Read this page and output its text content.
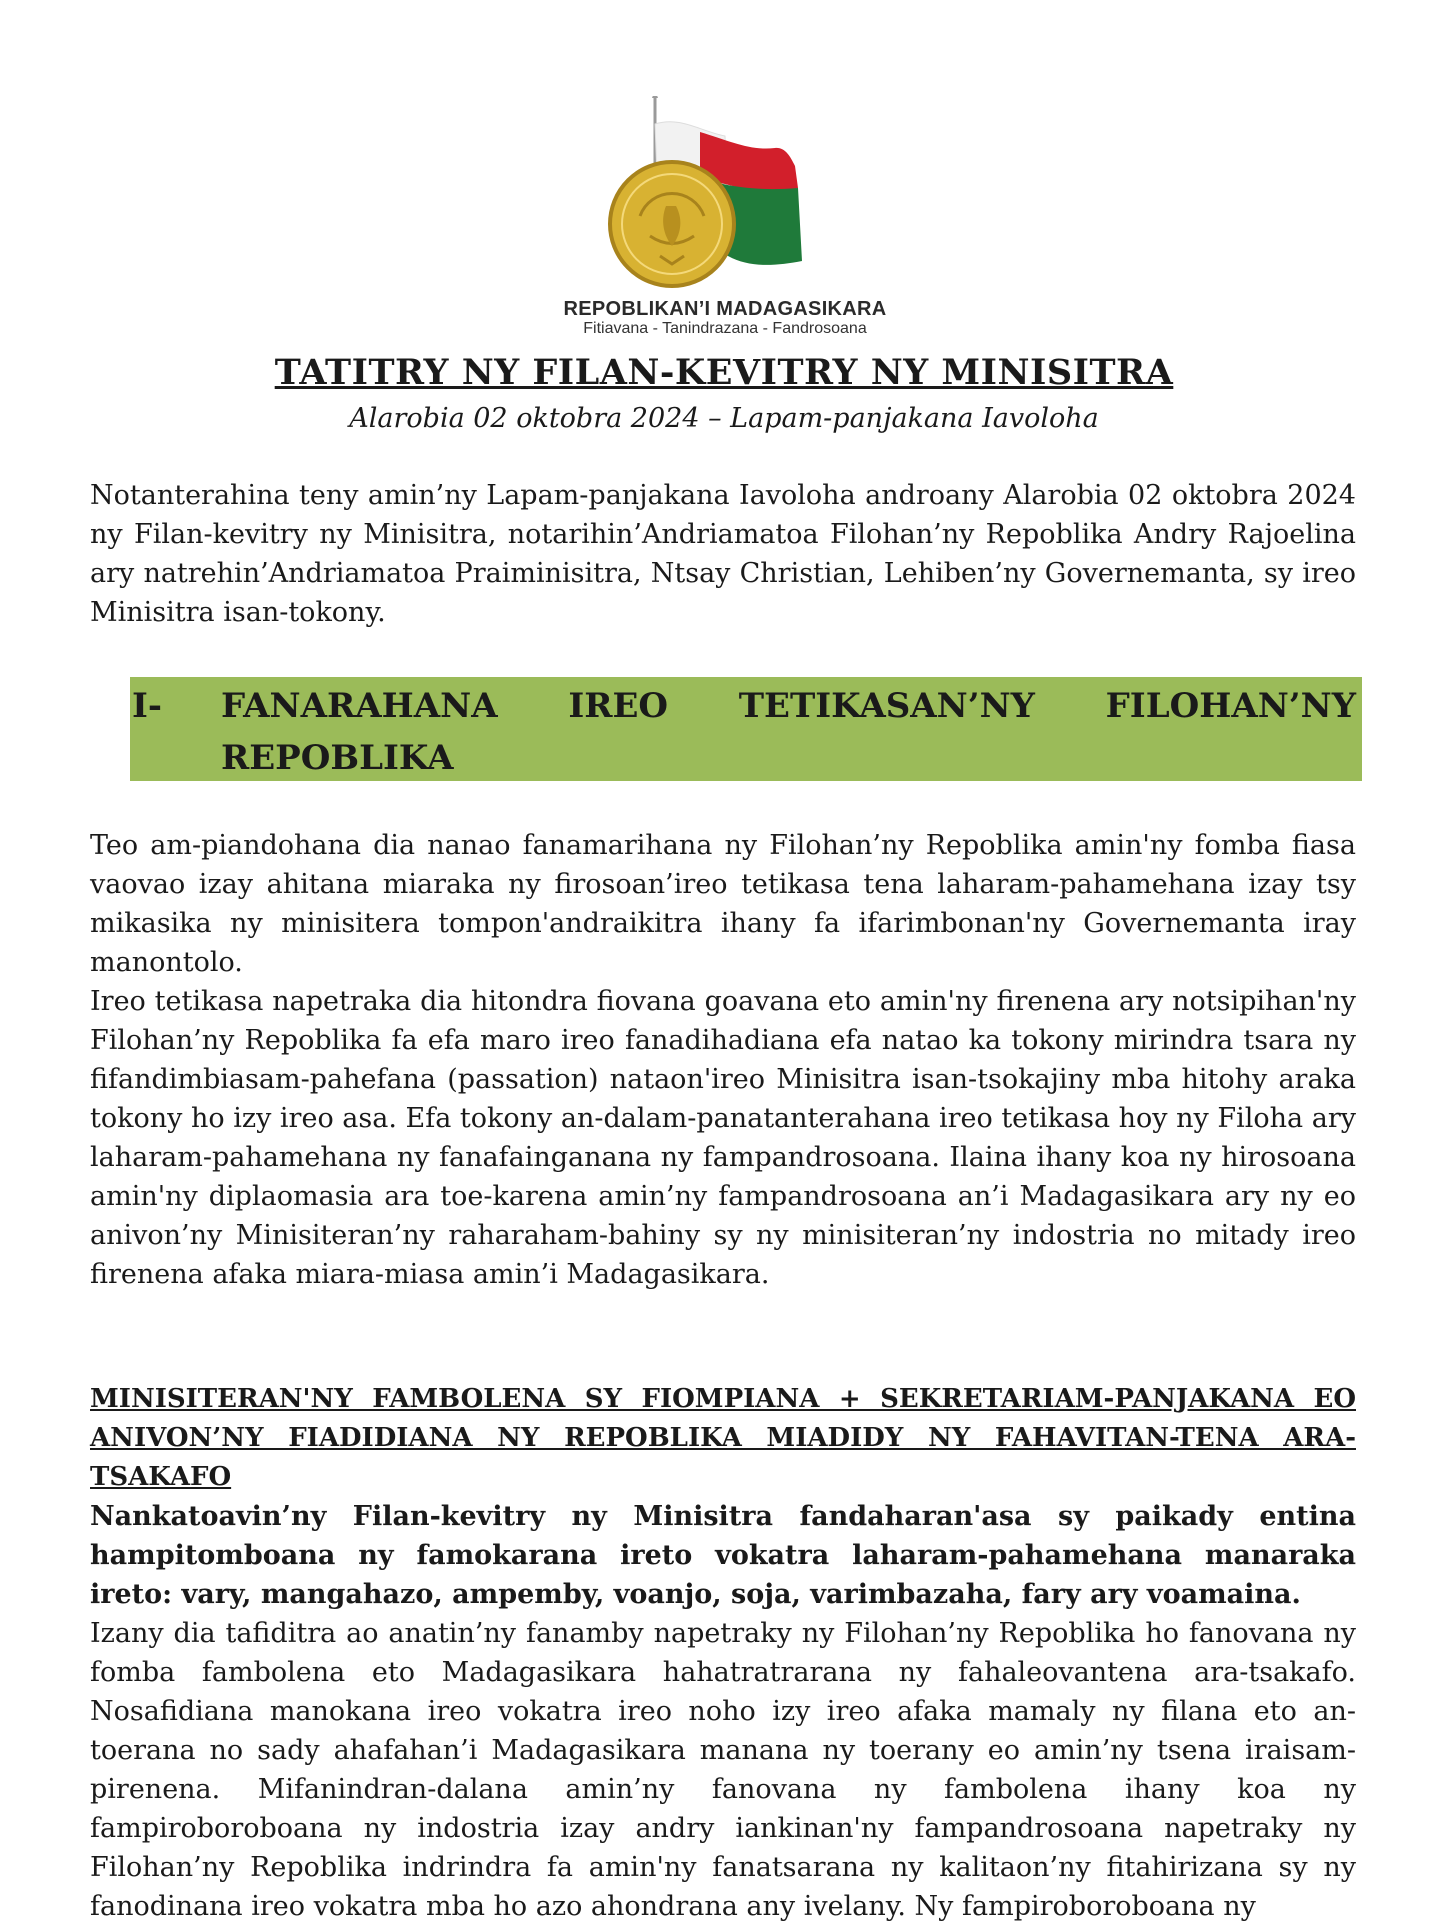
REPOBLIKAN’I MADAGASIKARA
Fitiavana - Tanindrazana - Fandrosoana
TATITRY NY FILAN-KEVITRY NY MINISITRA
Alarobia 02 oktobra 2024 – Lapam-panjakana Iavoloha

Notanterahina teny amin’ny Lapam-panjakana Iavoloha androany Alarobia 02 oktobra 2024 ny Filan-kevitry ny Minisitra, notarihin’Andriamatoa Filohan’ny Repoblika Andry Rajoelina ary natrehin’Andriamatoa Praiminisitra, Ntsay Christian, Lehiben’ny Governemanta, sy ireo Minisitra isan-tokony.

I- FANARAHANA IREO TETIKASAN’NY FILOHAN’NY REPOBLIKA

Teo am-piandohana dia nanao fanamarihana ny Filohan’ny Repoblika amin'ny fomba fiasa vaovao izay ahitana miaraka ny firosoan’ireo tetikasa tena laharam-pahamehana izay tsy mikasika ny minisitera tompon'andraikitra ihany fa ifarimbonan'ny Governemanta iray manontolo.

Ireo tetikasa napetraka dia hitondra fiovana goavana eto amin'ny firenena ary notsipihan'ny Filohan’ny Repoblika fa efa maro ireo fanadihadiana efa natao ka tokony mirindra tsara ny fifandimbiasam-pahefana (passation) nataon'ireo Minisitra isan-tsokajiny mba hitohy araka tokony ho izy ireo asa. Efa tokony an-dalam-panatanterahana ireo tetikasa hoy ny Filoha ary laharam-pahamehana ny fanafainganana ny fampandrosoana. Ilaina ihany koa ny hirosoana amin'ny diplaomasia ara toe-karena amin’ny fampandrosoana an’i Madagasikara ary ny eo anivon’ny Minisiteran’ny raharaham-bahiny sy ny minisiteran’ny indostria no mitady ireo firenena afaka miara-miasa amin’i Madagasikara.

MINISITERAN'NY FAMBOLENA SY FIOMPIANA + SEKRETARIAM-PANJAKANA EO ANIVON’NY FIADIDIANA NY REPOBLIKA MIADIDY NY FAHAVITAN-TENA ARA-TSAKAFO

Nankatoavin’ny Filan-kevitry ny Minisitra fandaharan'asa sy paikady entina hampitomboana ny famokarana ireto vokatra laharam-pahamehana manaraka ireto: vary, mangahazo, ampemby, voanjo, soja, varimbazaha, fary ary voamaina.

Izany dia tafiditra ao anatin’ny fanamby napetraky ny Filohan’ny Repoblika ho fanovana ny fomba fambolena eto Madagasikara hahatratrarana ny fahaleovantena ara-tsakafo. Nosafidiana manokana ireo vokatra ireo noho izy ireo afaka mamaly ny filana eto an-toerana no sady ahafahan’i Madagasikara manana ny toerany eo amin’ny tsena iraisam-pirenena. Mifanindran-dalana amin’ny fanovana ny fambolena ihany koa ny fampiroboroboana ny indostria izay andry iankinan'ny fampandrosoana napetraky ny Filohan’ny Repoblika indrindra fa amin'ny fanatsarana ny kalitaon’ny fitahirizana sy ny fanodinana ireo vokatra mba ho azo ahondrana any ivelany. Ny fampiroboroboana ny
